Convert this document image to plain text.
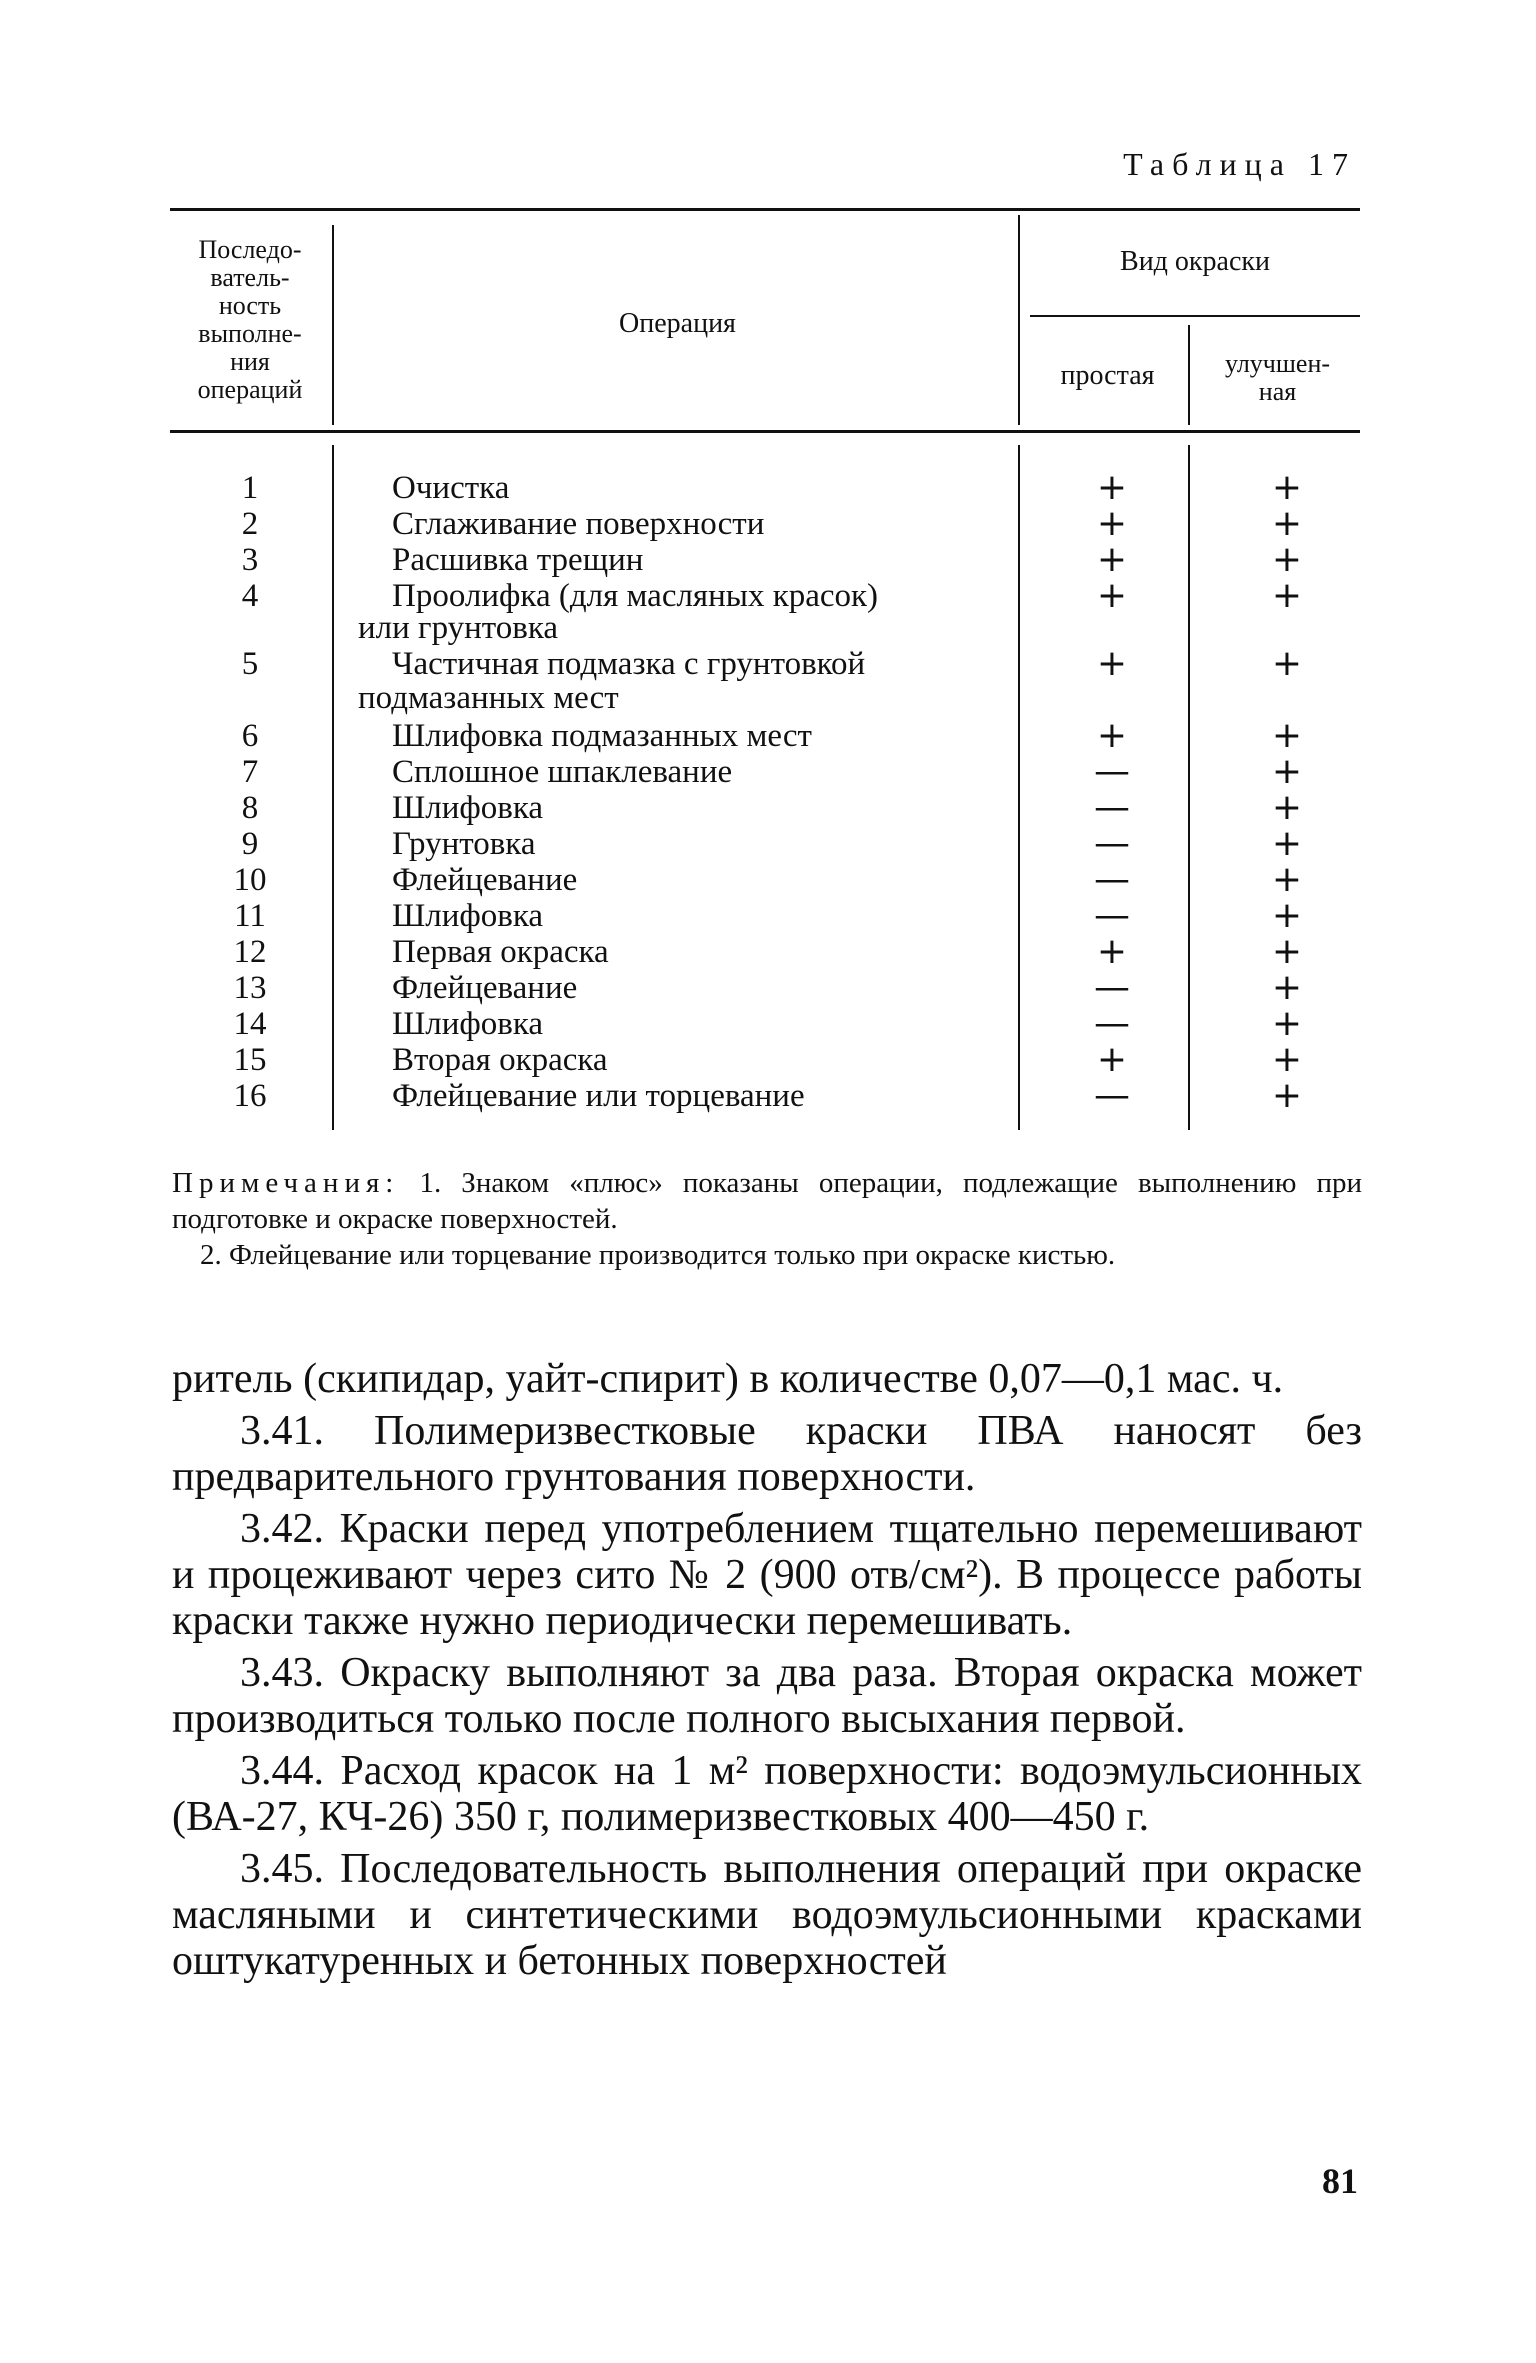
Таблица 17
Последо-
ватель-
ность
выполне-
ния
операций
Операция
Вид окраски
простая	улучшен-
ная
1	Очистка	+	+
2	Сглаживание поверхности	+	+
3	Расшивка трещин	+	+
4	Проолифка (для масляных красок)	+	+
или грунтовка
5	Частичная подмазка с грунтовкой	+	+
подмазанных мест
6	Шлифовка подмазанных мест	+	+
7	Сплошное шпаклевание	—	+
8	Шлифовка	—	+
9	Грунтовка	—	+
10	Флейцевание	—	+
11	Шлифовка	—	+
12	Первая окраска	+	+
13	Флейцевание	—	+
14	Шлифовка	—	+
15	Вторая окраска	+	+
16	Флейцевание или торцевание	—	+

Примечания: 1. Знаком «плюс» показаны операции, подлежащие выполнению при подготовке и окраске поверхностей.

2. Флейцевание или торцевание производится только при окраске кистью.

ритель (скипидар, уайт-спирит) в количестве 0,07—0,1 мас. ч.

3.41. Полимеризвестковые краски ПВА наносят без предварительного грунтования поверхности.

3.42. Краски перед употреблением тщательно перемешивают и процеживают через сито № 2 (900 отв/см²). В процессе работы краски также нужно периодически перемешивать.

3.43. Окраску выполняют за два раза. Вторая окраска может производиться только после полного высыхания первой.

3.44. Расход красок на 1 м² поверхности: водоэмульсионных (ВА-27, КЧ-26) 350 г, полимеризвестковых 400—450 г.

3.45. Последовательность выполнения операций при окраске масляными и синтетическими водоэмульсионными красками оштукатуренных и бетонных поверхностей

81
